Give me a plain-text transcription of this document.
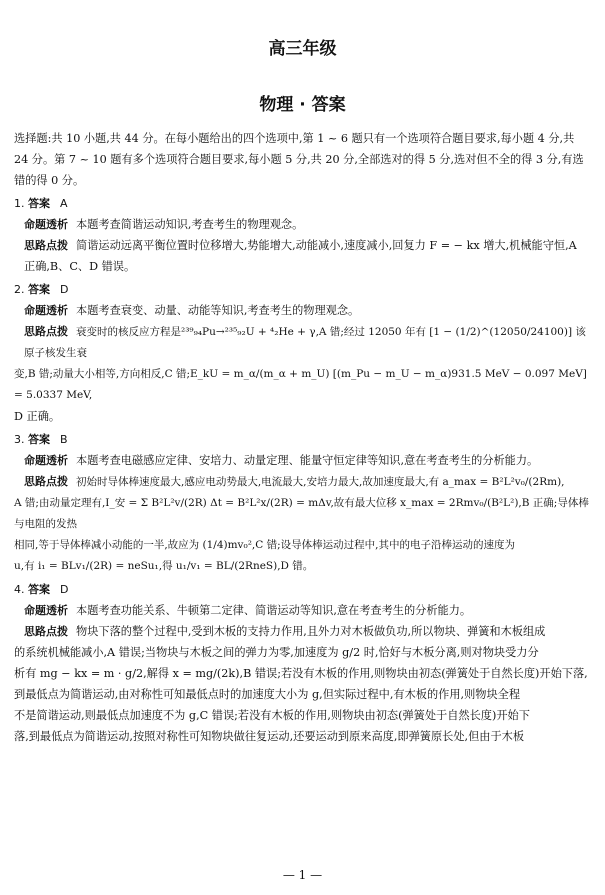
高三年级
物理 · 答案

选择题:共 10 小题,共 44 分。在每小题给出的四个选项中,第 1 ~ 6 题只有一个选项符合题目要求,每小题 4 分,共 24 分。第 7 ~ 10 题有多个选项符合题目要求,每小题 5 分,共 20 分,全部选对的得 5 分,选对但不全的得 3 分,有选错的得 0 分。

1. 答案 A

命题透析 本题考查简谐运动知识,考查考生的物理观念。

思路点拨 简谐运动远离平衡位置时位移增大,势能增大,动能减小,速度减小,回复力 F = − kx 增大,机械能守恒,A 正确,B、C、D 错误。

2. 答案 D

命题透析 本题考查衰变、动量、动能等知识,考查考生的物理观念。

思路点拨 衰变时的核反应方程是²³⁹₉₄Pu→²³⁵₉₂U + ⁴₂He + γ,A 错;经过 12050 年有 [1 − (1/2)^(12050/24100)] 该原子核发生衰

变,B 错;动量大小相等,方向相反,C 错;E_kU = m_α/(m_α + m_U) [(m_Pu − m_U − m_α)931.5 MeV − 0.097 MeV] = 5.0337 MeV,

D 正确。

3. 答案 B

命题透析 本题考查电磁感应定律、安培力、动量定理、能量守恒定律等知识,意在考查考生的分析能力。

思路点拨 初始时导体棒速度最大,感应电动势最大,电流最大,安培力最大,故加速度最大,有 a_max = B²L²v₀/(2Rm),

A 错;由动量定理有,I_安 = Σ B²L²v/(2R) Δt = B²L²x/(2R) = mΔv,故有最大位移 x_max = 2Rmv₀/(B²L²),B 正确;导体棒与电阻的发热

相同,等于导体棒减小动能的一半,故应为 (1/4)mv₀²,C 错;设导体棒运动过程中,其中的电子沿棒运动的速度为

u,有 i₁ = BLv₁/(2R) = neSu₁,得 u₁/v₁ = BL/(2RneS),D 错。

4. 答案 D

命题透析 本题考查功能关系、牛顿第二定律、简谐运动等知识,意在考查考生的分析能力。

思路点拨 物块下落的整个过程中,受到木板的支持力作用,且外力对木板做负功,所以物块、弹簧和木板组成

的系统机械能减小,A 错误;当物块与木板之间的弹力为零,加速度为 g/2 时,恰好与木板分离,则对物块受力分

析有 mg − kx = m · g/2,解得 x = mg/(2k),B 错误;若没有木板的作用,则物块由初态(弹簧处于自然长度)开始下落,

到最低点为简谐运动,由对称性可知最低点时的加速度大小为 g,但实际过程中,有木板的作用,则物块全程

不是简谐运动,则最低点加速度不为 g,C 错误;若没有木板的作用,则物块由初态(弹簧处于自然长度)开始下

落,到最低点为简谐运动,按照对称性可知物块做往复运动,还要运动到原来高度,即弹簧原长处,但由于木板

— 1 —
